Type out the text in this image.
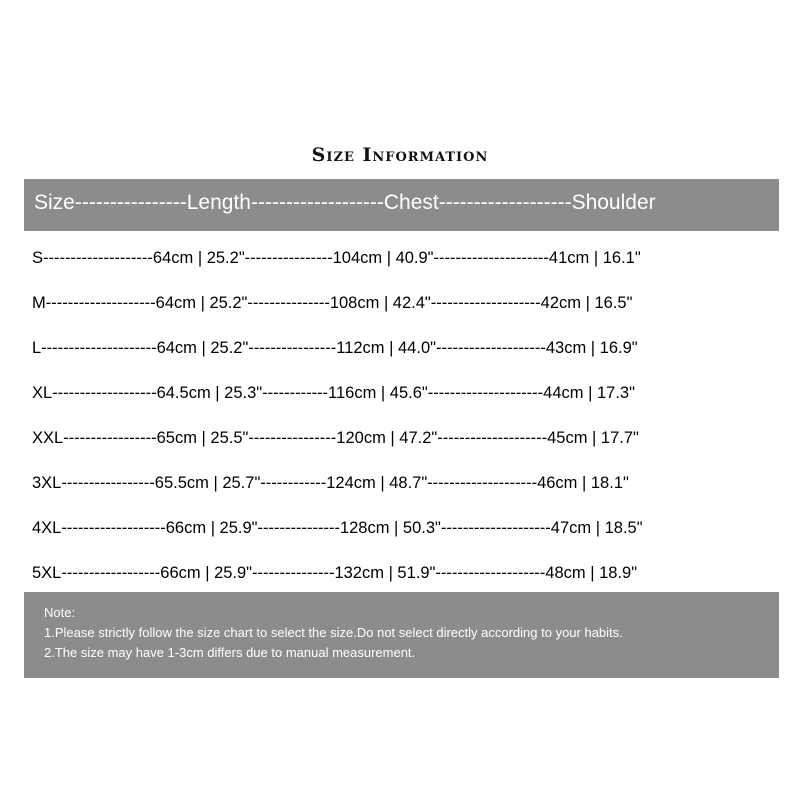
Size Information
Size----------------Length-------------------Chest-------------------Shoulder
S--------------------64cm | 25.2"----------------104cm | 40.9"---------------------41cm | 16.1"
M--------------------64cm | 25.2"---------------108cm | 42.4"--------------------42cm | 16.5"
L---------------------64cm | 25.2"----------------112cm | 44.0"--------------------43cm | 16.9"
XL-------------------64.5cm | 25.3"------------116cm | 45.6"---------------------44cm | 17.3"
XXL-----------------65cm | 25.5"----------------120cm | 47.2"--------------------45cm | 17.7"
3XL-----------------65.5cm | 25.7"------------124cm | 48.7"--------------------46cm | 18.1"
4XL-------------------66cm | 25.9"---------------128cm | 50.3"--------------------47cm | 18.5"
5XL------------------66cm | 25.9"---------------132cm | 51.9"--------------------48cm | 18.9"
Note:
1.Please strictly follow the size chart to select the size.Do not select directly according to your habits.
2.The size may have 1-3cm differs due to manual measurement.
